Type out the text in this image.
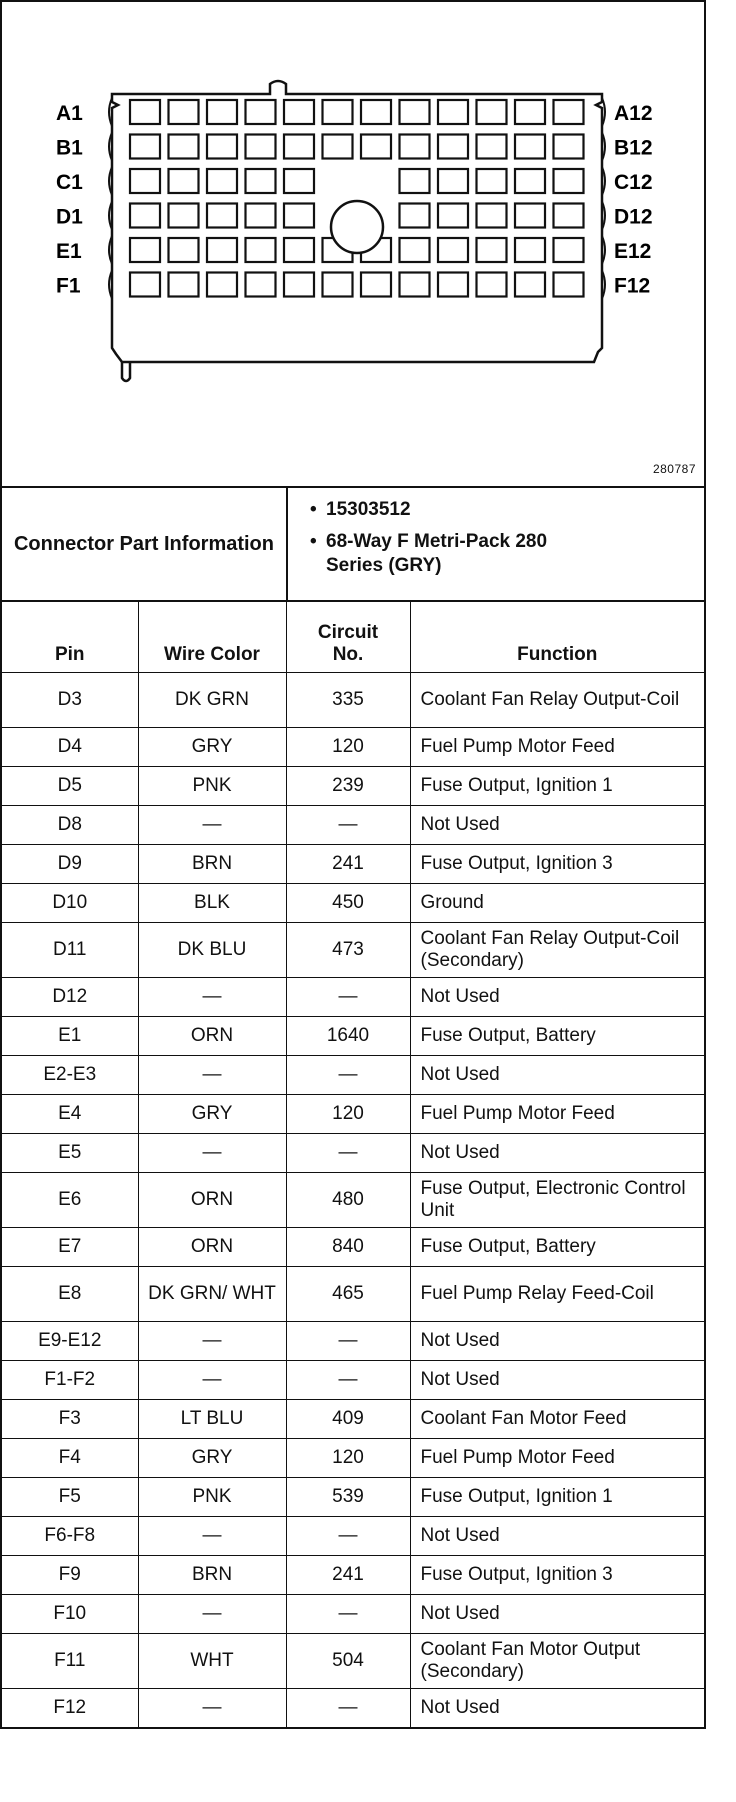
A1
B1
C1
D1
E1
F1
A12
B12
C12
D12
E12
F12
280787
Connector Part Information
• 15303512
• 68-Way F Metri-Pack 280 Series (GRY)
Pin	Wire Color	Circuit No.	Function
D3	DK GRN	335	Coolant Fan Relay Output-Coil
D4	GRY	120	Fuel Pump Motor Feed
D5	PNK	239	Fuse Output, Ignition 1
D8	—	—	Not Used
D9	BRN	241	Fuse Output, Ignition 3
D10	BLK	450	Ground
D11	DK BLU	473	Coolant Fan Relay Output-Coil (Secondary)
D12	—	—	Not Used
E1	ORN	1640	Fuse Output, Battery
E2-E3	—	—	Not Used
E4	GRY	120	Fuel Pump Motor Feed
E5	—	—	Not Used
E6	ORN	480	Fuse Output, Electronic Control Unit
E7	ORN	840	Fuse Output, Battery
E8	DK GRN/ WHT	465	Fuel Pump Relay Feed-Coil
E9-E12	—	—	Not Used
F1-F2	—	—	Not Used
F3	LT BLU	409	Coolant Fan Motor Feed
F4	GRY	120	Fuel Pump Motor Feed
F5	PNK	539	Fuse Output, Ignition 1
F6-F8	—	—	Not Used
F9	BRN	241	Fuse Output, Ignition 3
F10	—	—	Not Used
F11	WHT	504	Coolant Fan Motor Output (Secondary)
F12	—	—	Not Used
